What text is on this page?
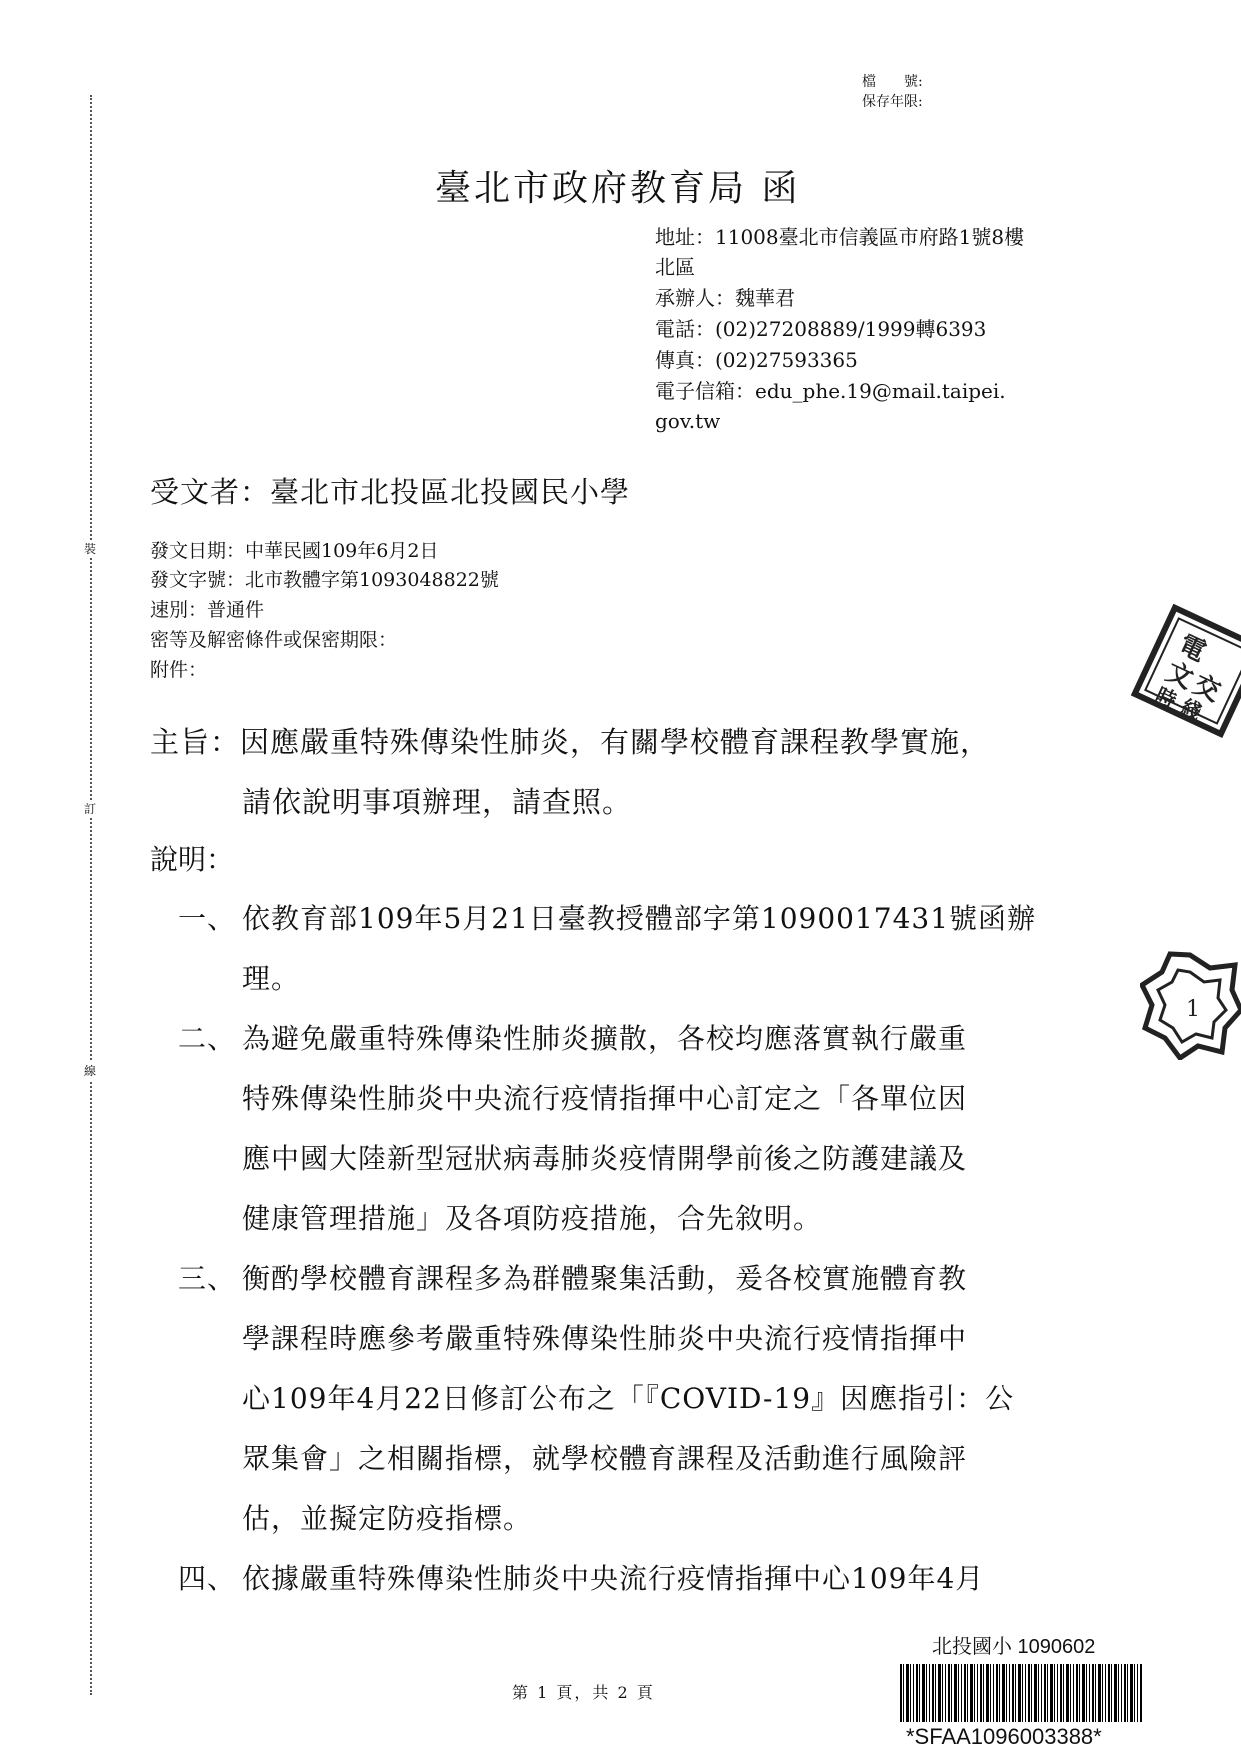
裝
訂
線
檔　　號:
保存年限:
臺北市政府教育局 函
地址：11008臺北市信義區市府路1號8樓
北區
承辦人：魏華君
電話：(02)27208889/1999轉6393
傳真：(02)27593365
電子信箱：edu_phe.19@mail.taipei.
gov.tw
受文者：臺北市北投區北投國民小學
發文日期：中華民國109年6月2日
發文字號：北市教體字第1093048822號
速別：普通件
密等及解密條件或保密期限：
附件：
主旨：因應嚴重特殊傳染性肺炎，有關學校體育課程教學實施，
請依說明事項辦理，請查照。
說明：
一、 依教育部109年5月21日臺教授體部字第1090017431號函辦
理。
二、 為避免嚴重特殊傳染性肺炎擴散，各校均應落實執行嚴重
特殊傳染性肺炎中央流行疫情指揮中心訂定之「各單位因
應中國大陸新型冠狀病毒肺炎疫情開學前後之防護建議及
健康管理措施」及各項防疫措施，合先敘明。
三、 衡酌學校體育課程多為群體聚集活動，爰各校實施體育教
學課程時應參考嚴重特殊傳染性肺炎中央流行疫情指揮中
心109年4月22日修訂公布之「『COVID-19』因應指引：公
眾集會」之相關指標，就學校體育課程及活動進行風險評
估，並擬定防疫指標。
四、 依據嚴重特殊傳染性肺炎中央流行疫情指揮中心109年4月
電
文
交
時
綫
1
第 1 頁，共 2 頁
北投國小 1090602
*SFAA1096003388*
